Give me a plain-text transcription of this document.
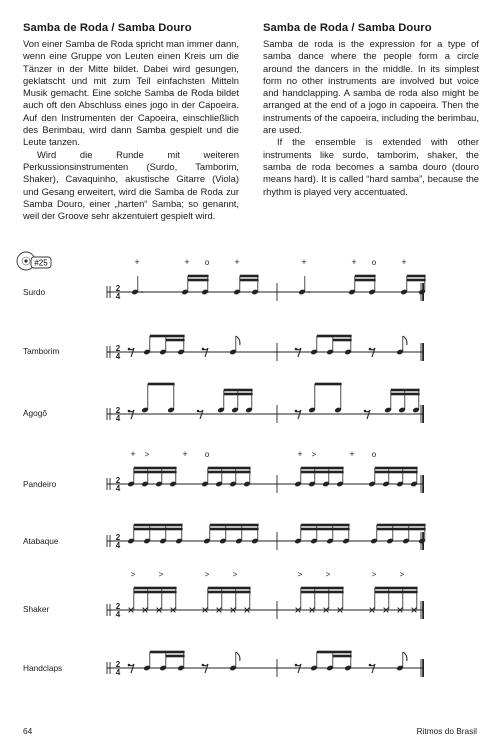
Samba de Roda / Samba Douro

Von einer Samba de Roda spricht man immer dann, wenn eine Gruppe von Leuten einen Kreis um die Tänzer in der Mitte bildet. Dabei wird gesungen, geklatscht und mit zum Teil einfachsten Mitteln Musik gemacht. Eine solche Samba de Roda bildet auch oft den Abschluss eines jogo in der Capoeira. Auf den Instrumenten der Capoeira, einschließlich des Berimbau, wird dann Samba gespielt und die Leute tanzen.

Wird die Runde mit weiteren Perkussionsinstrumenten (Surdo, Tamborim, Shaker), Cavaquinho, akustische Gitarre (Viola) und Gesang erweitert, wird die Samba de Roda zur Samba Douro, einer „harten“ Samba; so genannt, weil der Groove sehr akzentuiert gespielt wird.

Samba de Roda / Samba Douro

Samba de roda is the expression for a type of samba dance where the people form a circle around the dancers in the middle. In its simplest form no other instruments are involved but voice and handclapping. A samba de roda also might be arranged at the end of a jogo in capoeira. Then the instruments of the capoeira, including the berimbau, are used.

If the ensemble is extended with other instruments like surdo, tamborim, shaker, the samba de roda becomes a samba douro (douro means hard). It is called “hard samba”, because the rhythm is played very accentuated.

#25
Surdo
Tamborim
Agogô
Pandeiro
Atabaque
Shaker
Handclaps
2
4
2
4
2
4
2
4
2
4
2
4
2
4
+	+	+
o	+	+	+
o
+ >	+ o	+ >	+ o
>	>	>	>	>	>	>	>
64	Ritmos do Brasil
